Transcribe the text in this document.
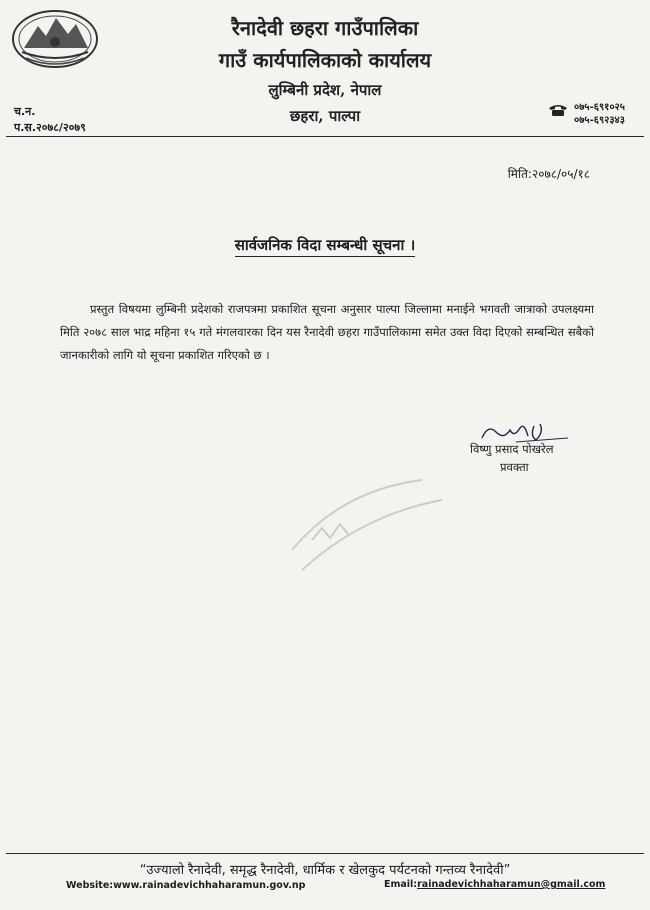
रैनादेवी छहरा गाउँपालिका
गाउँ कार्यपालिकाको कार्यालय
लुम्बिनी प्रदेश, नेपाल
छहरा, पाल्पा
च.न.
प.स.२०७८/२०७९
०७५-६९१०२५
०७५-६९२३४३
मिति:२०७८/०५/१८
सार्वजनिक विदा सम्बन्धी सूचना ।
प्रस्तुत विषयमा लुम्बिनी प्रदेशको राजपत्रमा प्रकाशित सूचना अनुसार पाल्पा जिल्लामा मनाईने भगवती जात्राको उपलक्ष्यमा मिति २०७८ साल भाद्र महिना १५ गते मंगलवारका दिन यस रैनादेवी छहरा गाउँपालिकामा समेत उक्त विदा दिएको सम्बन्धित सबैको जानकारीको लागि यो सूचना प्रकाशित गरिएको छ ।
विष्णु प्रसाद पोखरेल
प्रवक्ता
“उज्यालो रैनादेवी, समृद्ध रैनादेवी, धार्मिक र खेलकुद पर्यटनको गन्तव्य रैनादेवी”
Website:www.rainadevichhaharamun.gov.np	Email:rainadevichhaharamun@gmail.com
